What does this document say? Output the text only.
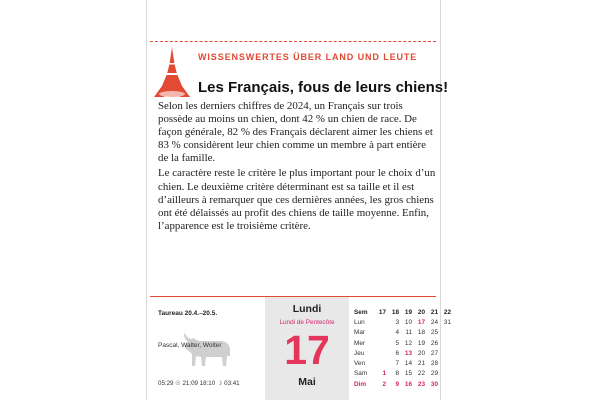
WISSENSWERTES ÜBER LAND UND LEUTE
Les Français, fous de leurs chiens!

Selon les derniers chiffres de 2024, un Français sur trois possède au moins un chien, dont 42 % un chien de race. De façon générale, 82 % des Français déclarent aimer les chiens et 83 % considèrent leur chien comme un membre à part entière de la famille.

Le caractère reste le critère le plus important pour le choix d’un chien. Le deuxième critère déterminant est sa taille et il est d’ailleurs à remarquer que ces dernières années, les gros chiens ont été délaissés au profit des chiens de taille moyenne. Enfin, l’apparence est le troisième critère.

Taureau 20.4.–20.5.
Pascal, Walter, Wolter
05:29 ☉ 21:09 18:10 ☽ 03:41
Lundi
Lundi de Pentecôte
17
Mai
Sem	17	18	19	20	21	22
Lun		3	10	17	24	31
Mar		4	11	18	25	
Mer		5	12	19	26	
Jeu		6	13	20	27	
Ven		7	14	21	28	
Sam	1	8	15	22	29	
Dim	2	9	16	23	30	
